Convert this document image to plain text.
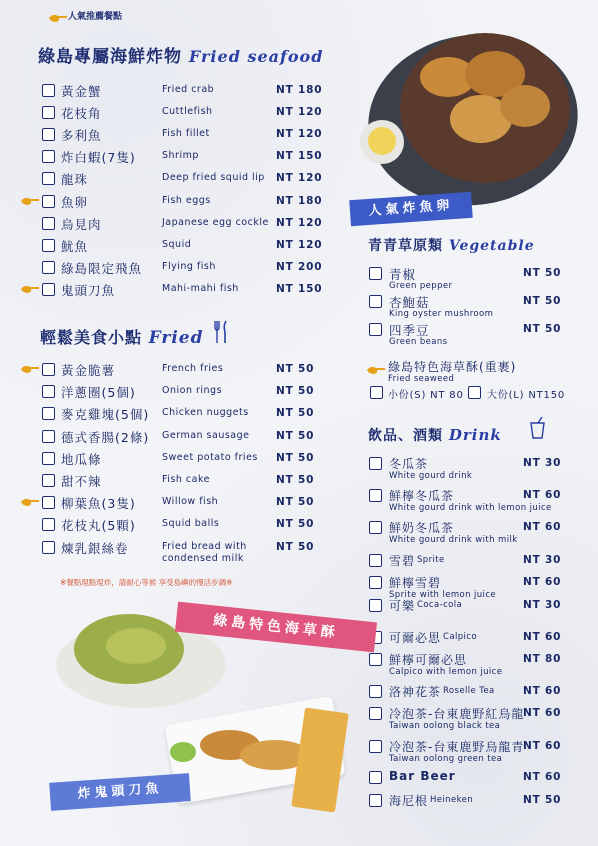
人氣推薦餐點
綠島專屬海鮮炸物 Fried seafood
黃金蟹	Fried crab	NT 180
花枝角	Cuttlefish	NT 120
多利魚	Fish fillet	NT 120
炸白蝦(7隻)	Shrimp	NT 150
龍珠	Deep fried squid lip NT 120
魚卵	Fish eggs	NT 180
烏見肉	Japanese egg cockle NT 120
魷魚	Squid	NT 120
綠島限定飛魚 Flying fish	NT 200
鬼頭刀魚	Mahi-mahi fish	NT 150
輕鬆美食小點 Fried
黃金脆薯	French fries	NT 50
洋蔥圈(5個)	Onion rings	NT 50
麥克雞塊(5個) Chicken nuggets	NT 50
德式香腸(2條) German sausage	NT 50
地瓜條	Sweet potato fries NT 50
甜不辣	Fish cake	NT 50
柳葉魚(3隻)	Willow fish	NT 50
花枝丸(5顆)	Squid balls	NT 50
煉乳銀絲卷	Fried bread with
condensed milk
NT 50
※餐點現點現炸，請耐心等候 享受島嶼的慢活步調※
人氣炸魚卵
青青草原類 Vegetable
青椒
Green pepper
NT 50
杏鮑菇
King oyster mushroom
NT 50
四季豆
Green beans
NT 50
綠島特色海草酥(重裹)
Fried seaweed
小份(S) NT 80 大份(L) NT150
飲品、酒類 Drink
冬瓜茶
White gourd drink
NT 30
鮮檸冬瓜茶
White gourd drink with lemon juice
NT 60
鮮奶冬瓜茶
White gourd drink with milk
NT 60
雪碧 Sprite	NT 30
鮮檸雪碧
Sprite with lemon juice
NT 60
可樂 Coca-cola	NT 30
可爾必思 Calpico	NT 60
鮮檸可爾必思
Calpico with lemon juice
NT 80
洛神花茶 Roselle Tea	NT 60
冷泡茶-台東鹿野紅烏龍
Taiwan oolong black tea
NT 60
冷泡茶-台東鹿野烏龍青
Taiwan oolong green tea
NT 60
Bar Beer	NT 60
海尼根 Heineken	NT 50
綠島特色海草酥
炸鬼頭刀魚
